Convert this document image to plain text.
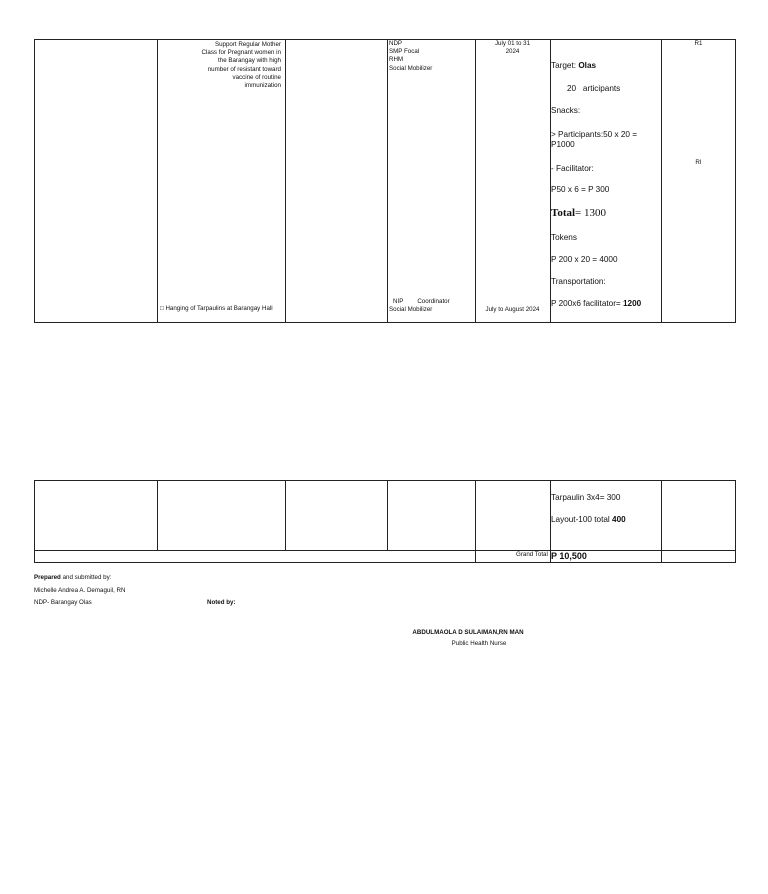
Support Regular Mother
Class for Pregnant women in
the Barangay with high
number of resistant toward
vaccine of routine
immunization
□ Hanging of Tarpaulins at Barangay Hall
NDP
SMP Focal
RHM
Social Mobilizer
NIP Coordinator
Social Mobilizer
July 01 to 31
2024
July to August 2024
Target: Olas
20   articipants
Snacks:
> Participants:50 x 20 =
P1000
- Facilitator:
P50 x 6 = P 300
Total= 1300
Tokens
P 200 x 20 = 4000
Transportation:
P 200x6 facilitator= 1200
R1
RI
Tarpaulin 3x4= 300
Layout-100 total 400
Grand Total P 10,500
Prepared and submitted by:
Michelle Andrea A. Demaguil, RN
NDP- Barangay Olas	Noted by:
ABDULMAOLA D SULAIMAN,RN MAN
Public Health Nurse
